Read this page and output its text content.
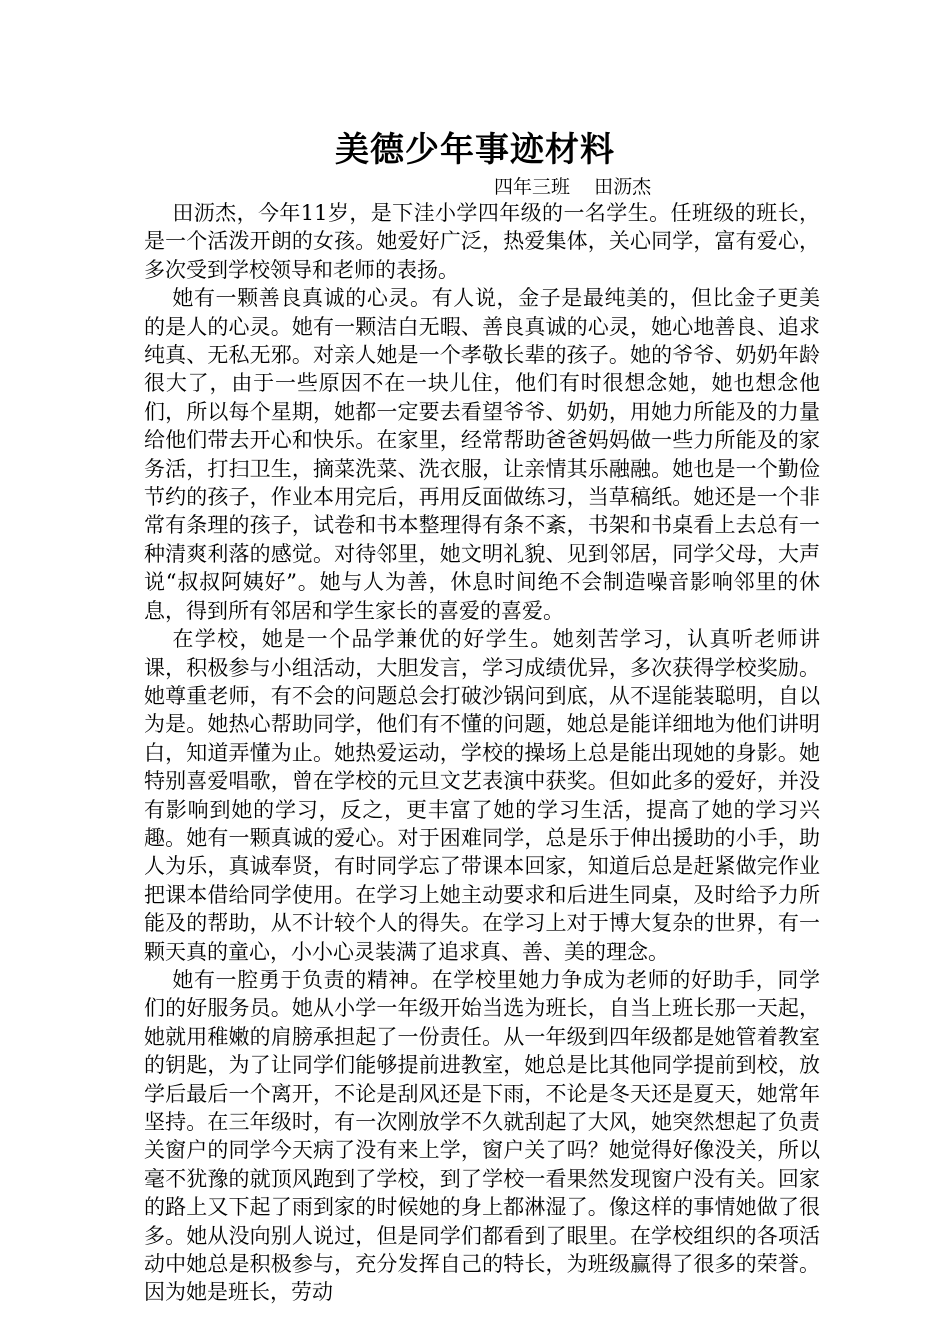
美德少年事迹材料
四年三班    田沥杰

田沥杰，今年11岁，是下洼小学四年级的一名学生。任班级的班长，是一个活泼开朗的女孩。她爱好广泛，热爱集体，关心同学，富有爱心，多次受到学校领导和老师的表扬。

她有一颗善良真诚的心灵。有人说，金子是最纯美的，但比金子更美的是人的心灵。她有一颗洁白无暇、善良真诚的心灵，她心地善良、追求纯真、无私无邪。对亲人她是一个孝敬长辈的孩子。她的爷爷、奶奶年龄很大了，由于一些原因不在一块儿住，他们有时很想念她，她也想念他们，所以每个星期，她都一定要去看望爷爷、奶奶，用她力所能及的力量给他们带去开心和快乐。在家里，经常帮助爸爸妈妈做一些力所能及的家务活，打扫卫生，摘菜洗菜、洗衣服，让亲情其乐融融。她也是一个勤俭节约的孩子，作业本用完后，再用反面做练习，当草稿纸。她还是一个非常有条理的孩子，试卷和书本整理得有条不紊，书架和书桌看上去总有一种清爽利落的感觉。对待邻里，她文明礼貌、见到邻居，同学父母，大声说“叔叔阿姨好”。她与人为善，休息时间绝不会制造噪音影响邻里的休息，得到所有邻居和学生家长的喜爱的喜爱。

在学校，她是一个品学兼优的好学生。她刻苦学习，认真听老师讲课，积极参与小组活动，大胆发言，学习成绩优异，多次获得学校奖励。她尊重老师，有不会的问题总会打破沙锅问到底，从不逞能装聪明，自以为是。她热心帮助同学，他们有不懂的问题，她总是能详细地为他们讲明白，知道弄懂为止。她热爱运动，学校的操场上总是能出现她的身影。她特别喜爱唱歌，曾在学校的元旦文艺表演中获奖。但如此多的爱好，并没有影响到她的学习，反之，更丰富了她的学习生活，提高了她的学习兴趣。她有一颗真诚的爱心。对于困难同学，总是乐于伸出援助的小手，助人为乐，真诚奉贤，有时同学忘了带课本回家，知道后总是赶紧做完作业把课本借给同学使用。在学习上她主动要求和后进生同桌，及时给予力所能及的帮助，从不计较个人的得失。在学习上对于博大复杂的世界，有一颗天真的童心，小小心灵装满了追求真、善、美的理念。

她有一腔勇于负责的精神。在学校里她力争成为老师的好助手，同学们的好服务员。她从小学一年级开始当选为班长，自当上班长那一天起，她就用稚嫩的肩膀承担起了一份责任。从一年级到四年级都是她管着教室的钥匙，为了让同学们能够提前进教室，她总是比其他同学提前到校，放学后最后一个离开，不论是刮风还是下雨，不论是冬天还是夏天，她常年坚持。在三年级时，有一次刚放学不久就刮起了大风，她突然想起了负责关窗户的同学今天病了没有来上学，窗户关了吗？她觉得好像没关，所以毫不犹豫的就顶风跑到了学校，到了学校一看果然发现窗户没有关。回家的路上又下起了雨到家的时候她的身上都淋湿了。像这样的事情她做了很多。她从没向别人说过，但是同学们都看到了眼里。在学校组织的各项活动中她总是积极参与，充分发挥自己的特长，为班级赢得了很多的荣誉。因为她是班长，劳动
